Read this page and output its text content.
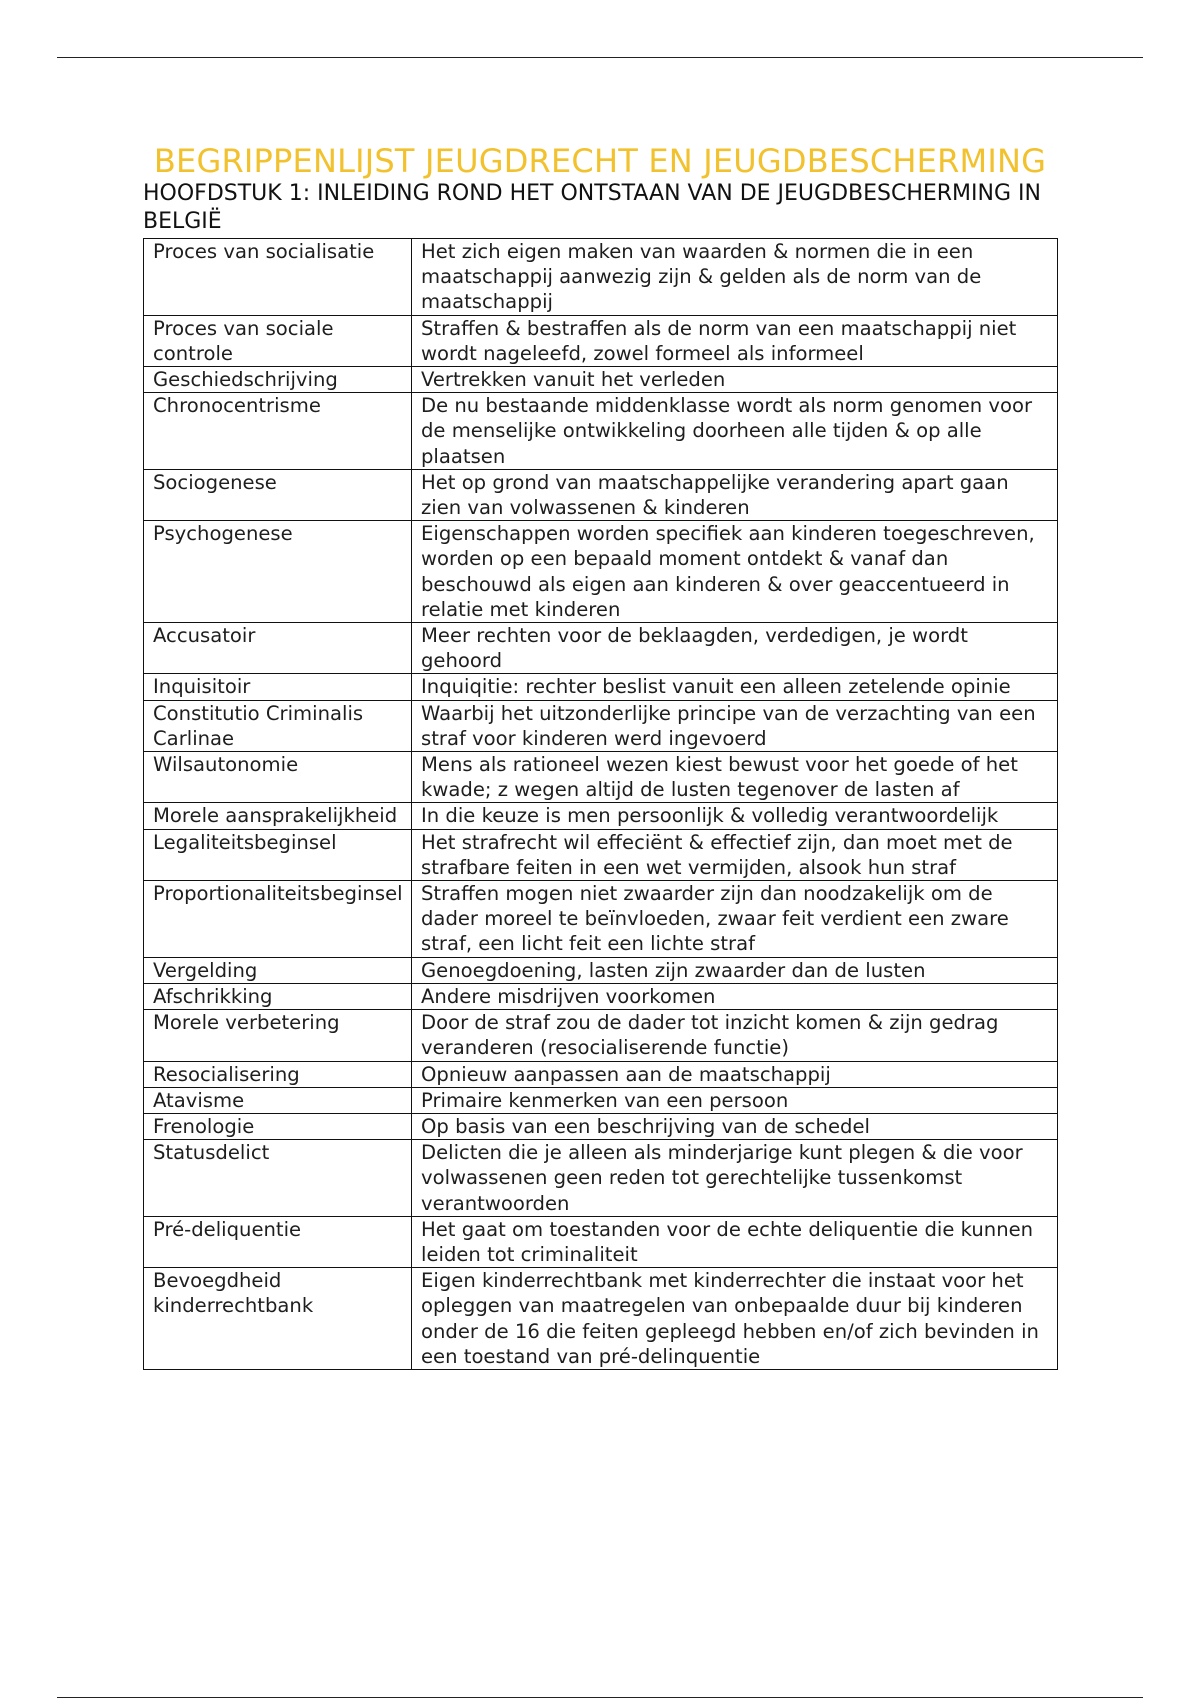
BEGRIPPENLIJST JEUGDRECHT EN JEUGDBESCHERMING
HOOFDSTUK 1: INLEIDING ROND HET ONTSTAAN VAN DE JEUGDBESCHERMING IN BELGIË
Proces van socialisatie	Het zich eigen maken van waarden & normen die in een maatschappij aanwezig zijn & gelden als de norm van de maatschappij
Proces van sociale controle	Straffen & bestraffen als de norm van een maatschappij niet wordt nageleefd, zowel formeel als informeel
Geschiedschrijving	Vertrekken vanuit het verleden
Chronocentrisme	De nu bestaande middenklasse wordt als norm genomen voor de menselijke ontwikkeling doorheen alle tijden & op alle plaatsen
Sociogenese	Het op grond van maatschappelijke verandering apart gaan zien van volwassenen & kinderen
Psychogenese	Eigenschappen worden specifiek aan kinderen toegeschreven, worden op een bepaald moment ontdekt & vanaf dan beschouwd als eigen aan kinderen & over geaccentueerd in relatie met kinderen
Accusatoir	Meer rechten voor de beklaagden, verdedigen, je wordt gehoord
Inquisitoir	Inquiqitie: rechter beslist vanuit een alleen zetelende opinie
Constitutio Criminalis Carlinae	Waarbij het uitzonderlijke principe van de verzachting van een straf voor kinderen werd ingevoerd
Wilsautonomie	Mens als rationeel wezen kiest bewust voor het goede of het kwade; z wegen altijd de lusten tegenover de lasten af
Morele aansprakelijkheid	In die keuze is men persoonlijk & volledig verantwoordelijk
Legaliteitsbeginsel	Het strafrecht wil effeciënt & effectief zijn, dan moet met de strafbare feiten in een wet vermijden, alsook hun straf
Proportionaliteitsbeginsel	Straffen mogen niet zwaarder zijn dan noodzakelijk om de dader moreel te beïnvloeden, zwaar feit verdient een zware straf, een licht feit een lichte straf
Vergelding	Genoegdoening, lasten zijn zwaarder dan de lusten
Afschrikking	Andere misdrijven voorkomen
Morele verbetering	Door de straf zou de dader tot inzicht komen & zijn gedrag veranderen (resocialiserende functie)
Resocialisering	Opnieuw aanpassen aan de maatschappij
Atavisme	Primaire kenmerken van een persoon
Frenologie	Op basis van een beschrijving van de schedel
Statusdelict	Delicten die je alleen als minderjarige kunt plegen & die voor volwassenen geen reden tot gerechtelijke tussenkomst verantwoorden
Pré-deliquentie	Het gaat om toestanden voor de echte deliquentie die kunnen leiden tot criminaliteit
Bevoegdheid kinderrechtbank	Eigen kinderrechtbank met kinderrechter die instaat voor het opleggen van maatregelen van onbepaalde duur bij kinderen onder de 16 die feiten gepleegd hebben en/of zich bevinden in een toestand van pré-delinquentie
